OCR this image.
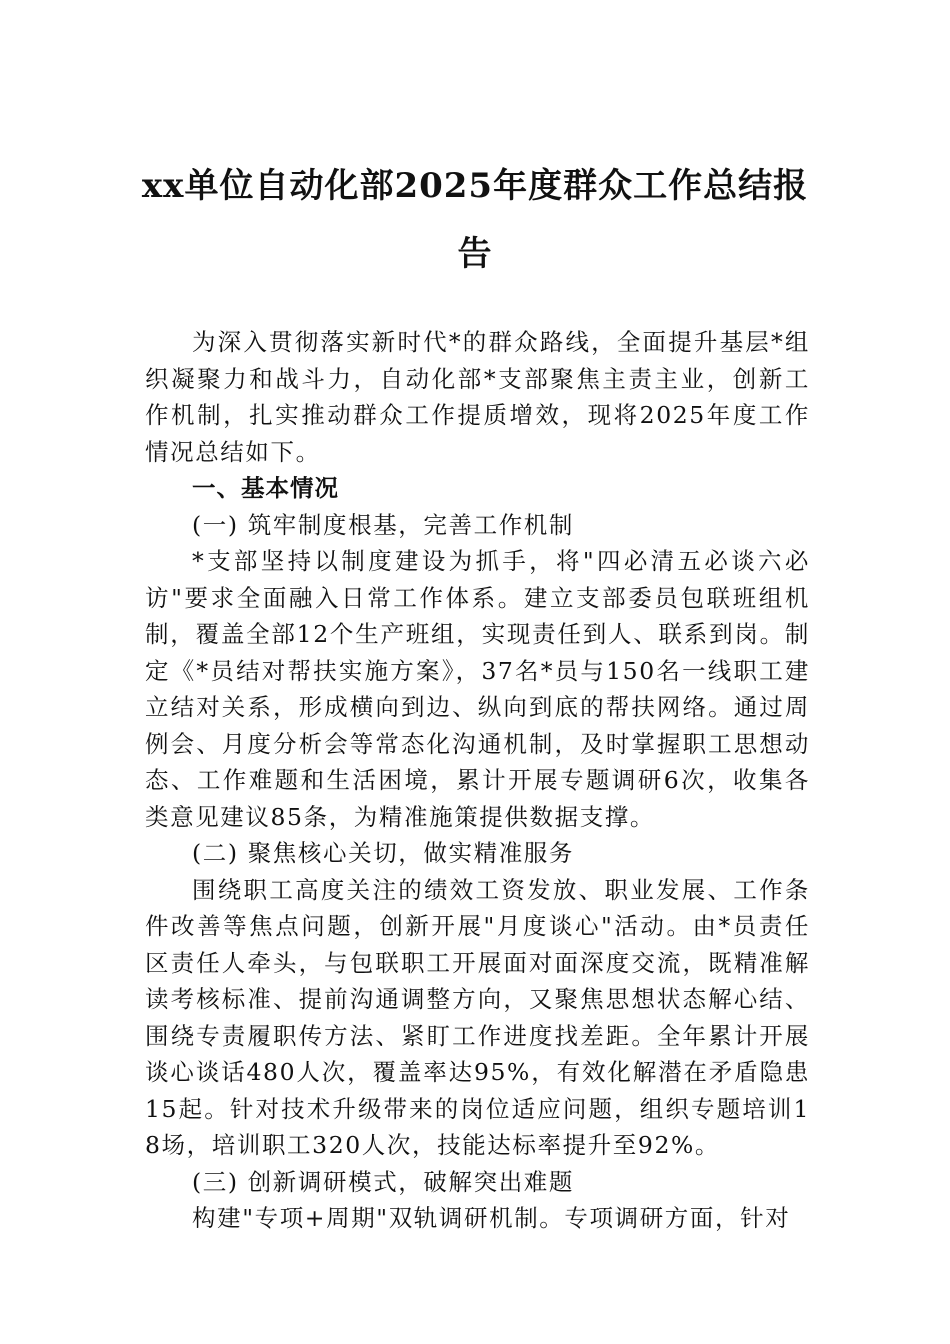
xx单位自动化部2025年度群众工作总结报
告

为深入贯彻落实新时代*的群众路线，全面提升基层*组织凝聚力和战斗力，自动化部*支部聚焦主责主业，创新工作机制，扎实推动群众工作提质增效，现将2025年度工作情况总结如下。

一、基本情况

(一) 筑牢制度根基，完善工作机制

*支部坚持以制度建设为抓手，将"四必清五必谈六必访"要求全面融入日常工作体系。建立支部委员包联班组机制，覆盖全部12个生产班组，实现责任到人、联系到岗。制定《*员结对帮扶实施方案》，37名*员与150名一线职工建立结对关系，形成横向到边、纵向到底的帮扶网络。通过周例会、月度分析会等常态化沟通机制，及时掌握职工思想动态、工作难题和生活困境，累计开展专题调研6次，收集各类意见建议85条，为精准施策提供数据支撑。

(二) 聚焦核心关切，做实精准服务

围绕职工高度关注的绩效工资发放、职业发展、工作条件改善等焦点问题，创新开展"月度谈心"活动。由*员责任区责任人牵头，与包联职工开展面对面深度交流，既精准解读考核标准、提前沟通调整方向，又聚焦思想状态解心结、围绕专责履职传方法、紧盯工作进度找差距。全年累计开展谈心谈话480人次，覆盖率达95%，有效化解潜在矛盾隐患15起。针对技术升级带来的岗位适应问题，组织专题培训18场，培训职工320人次，技能达标率提升至92%。

(三) 创新调研模式，破解突出难题

构建"专项+周期"双轨调研机制。专项调研方面，针对
